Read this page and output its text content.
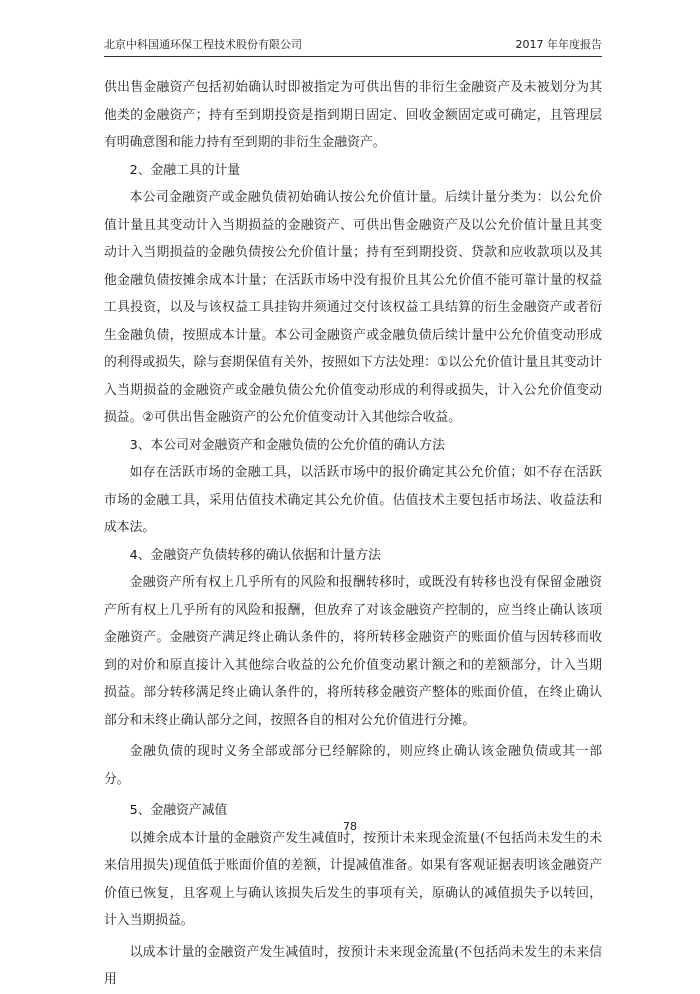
北京中科国通环保工程技术股份有限公司	2017 年年度报告

供出售金融资产包括初始确认时即被指定为可供出售的非衍生金融资产及未被划分为其他类的金融资产；持有至到期投资是指到期日固定、回收金额固定或可确定，且管理层有明确意图和能力持有至到期的非衍生金融资产。

2、金融工具的计量

本公司金融资产或金融负债初始确认按公允价值计量。后续计量分类为：以公允价值计量且其变动计入当期损益的金融资产、可供出售金融资产及以公允价值计量且其变动计入当期损益的金融负债按公允价值计量；持有至到期投资、贷款和应收款项以及其他金融负债按摊余成本计量；在活跃市场中没有报价且其公允价值不能可靠计量的权益工具投资，以及与该权益工具挂钩并须通过交付该权益工具结算的衍生金融资产或者衍生金融负债，按照成本计量。本公司金融资产或金融负债后续计量中公允价值变动形成的利得或损失，除与套期保值有关外，按照如下方法处理：①以公允价值计量且其变动计入当期损益的金融资产或金融负债公允价值变动形成的利得或损失，计入公允价值变动损益。②可供出售金融资产的公允价值变动计入其他综合收益。

3、本公司对金融资产和金融负债的公允价值的确认方法

如存在活跃市场的金融工具，以活跃市场中的报价确定其公允价值；如不存在活跃市场的金融工具，采用估值技术确定其公允价值。估值技术主要包括市场法、收益法和成本法。

4、金融资产负债转移的确认依据和计量方法

金融资产所有权上几乎所有的风险和报酬转移时，或既没有转移也没有保留金融资产所有权上几乎所有的风险和报酬，但放弃了对该金融资产控制的，应当终止确认该项金融资产。金融资产满足终止确认条件的，将所转移金融资产的账面价值与因转移而收到的对价和原直接计入其他综合收益的公允价值变动累计额之和的差额部分，计入当期损益。部分转移满足终止确认条件的，将所转移金融资产整体的账面价值，在终止确认部分和未终止确认部分之间，按照各自的相对公允价值进行分摊。

金融负债的现时义务全部或部分已经解除的，则应终止确认该金融负债或其一部分。

5、金融资产减值

以摊余成本计量的金融资产发生减值时，按预计未来现金流量(不包括尚未发生的未来信用损失)现值低于账面价值的差额，计提减值准备。如果有客观证据表明该金融资产价值已恢复，且客观上与确认该损失后发生的事项有关，原确认的减值损失予以转回，计入当期损益。

以成本计量的金融资产发生减值时，按预计未来现金流量(不包括尚未发生的未来信用

78
